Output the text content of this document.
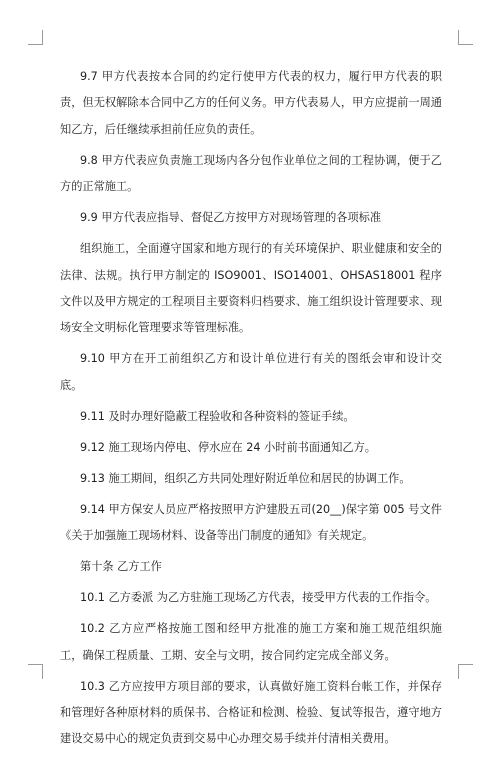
9.7 甲方代表按本合同的约定行使甲方代表的权力，履行甲方代表的职责，但无权解除本合同中乙方的任何义务。甲方代表易人，甲方应提前一周通知乙方，后任继续承担前任应负的责任。

9.8 甲方代表应负责施工现场内各分包作业单位之间的工程协调，便于乙方的正常施工。

9.9 甲方代表应指导、督促乙方按甲方对现场管理的各项标准

组织施工，全面遵守国家和地方现行的有关环境保护、职业健康和安全的法律、法规。执行甲方制定的 ISO9001、ISO14001、OHSAS18001 程序文件以及甲方规定的工程项目主要资料归档要求、施工组织设计管理要求、现场安全文明标化管理要求等管理标准。

9.10 甲方在开工前组织乙方和设计单位进行有关的图纸会审和设计交底。

9.11 及时办理好隐蔽工程验收和各种资料的签证手续。

9.12 施工现场内停电、停水应在 24 小时前书面通知乙方。

9.13 施工期间，组织乙方共同处理好附近单位和居民的协调工作。

9.14 甲方保安人员应严格按照甲方沪建股五司(20__)保字第 005 号文件《关于加强施工现场材料、设备等出门制度的通知》有关规定。

第十条 乙方工作

10.1 乙方委派 为乙方驻施工现场乙方代表，接受甲方代表的工作指令。

10.2 乙方应严格按施工图和经甲方批准的施工方案和施工规范组织施工，确保工程质量、工期、安全与文明，按合同约定完成全部义务。

10.3 乙方应按甲方项目部的要求，认真做好施工资料台帐工作，并保存和管理好各种原材料的质保书、合格证和检测、检验、复试等报告，遵守地方建设交易中心的规定负责到交易中心办理交易手续并付清相关费用。
